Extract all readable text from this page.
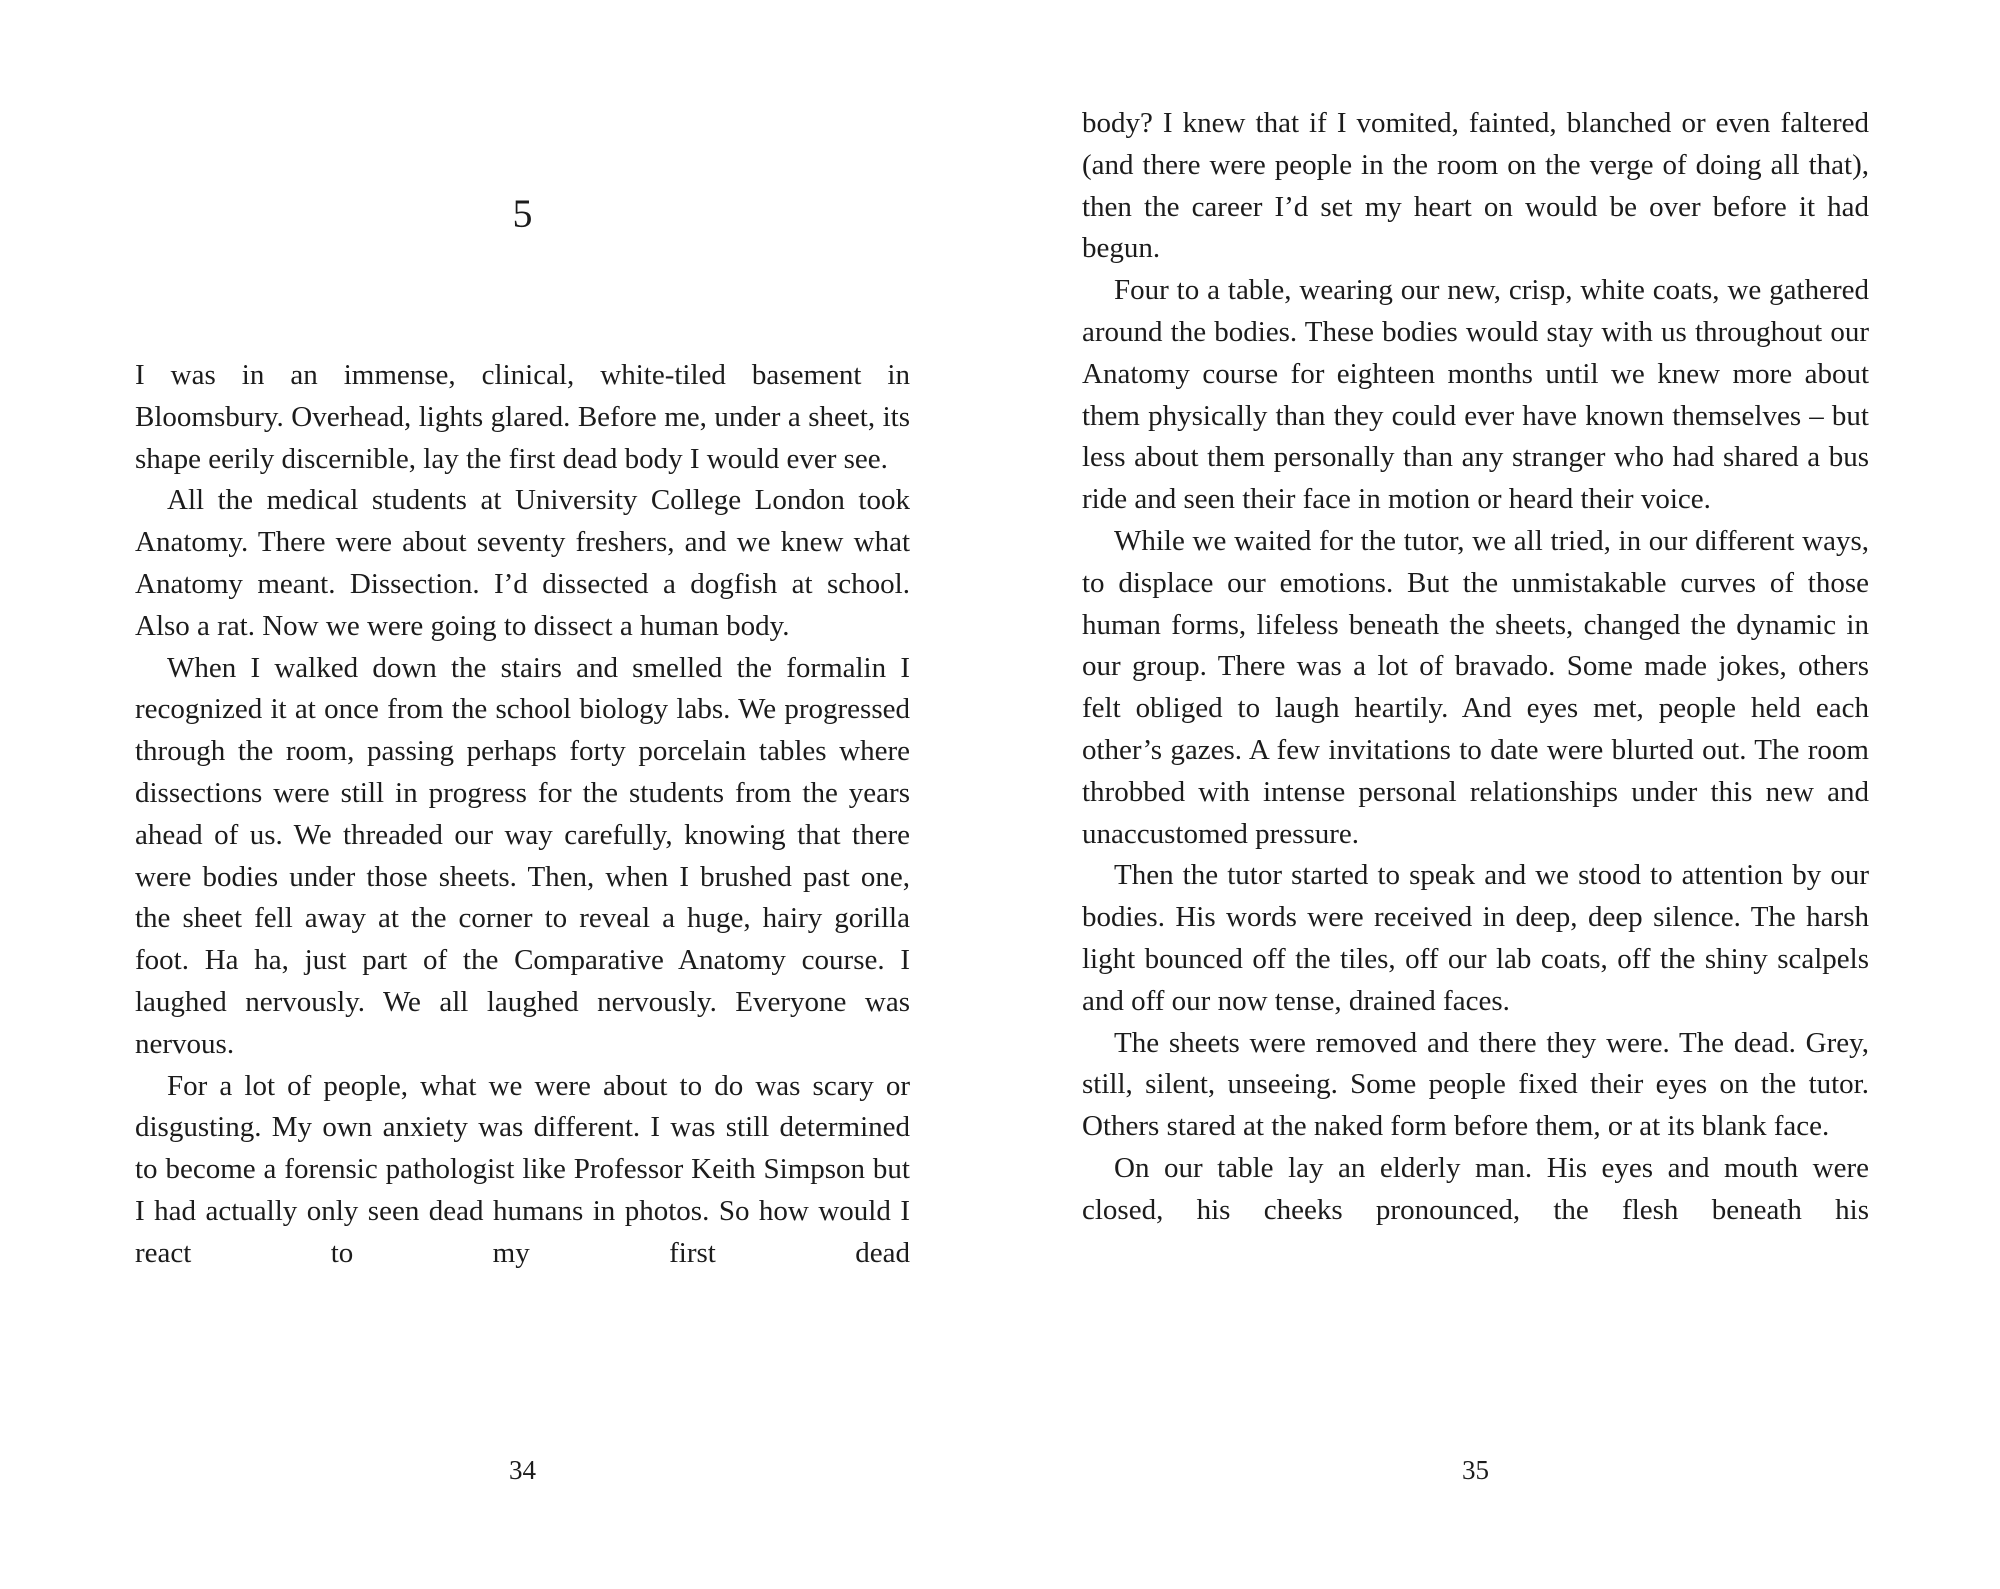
5

I was in an immense, clinical, white-tiled basement in Bloomsbury. Overhead, lights glared. Before me, under a sheet, its shape eerily discernible, lay the first dead body I would ever see.

All the medical students at University College London took Anatomy. There were about seventy freshers, and we knew what Anatomy meant. Dissection. I’d dissected a dogfish at school. Also a rat. Now we were going to dissect a human body.

When I walked down the stairs and smelled the formalin I recognized it at once from the school biology labs. We progressed through the room, passing perhaps forty porcelain tables where dissections were still in progress for the students from the years ahead of us. We threaded our way carefully, knowing that there were bodies under those sheets. Then, when I brushed past one, the sheet fell away at the corner to reveal a huge, hairy gorilla foot. Ha ha, just part of the Comparative Anatomy course. I laughed nervously. We all laughed nervously. Everyone was nervous.

For a lot of people, what we were about to do was scary or disgusting. My own anxiety was different. I was still determined to become a forensic pathologist like Professor Keith Simpson but I had actually only seen dead humans in photos. So how would I react to my first dead

34

body? I knew that if I vomited, fainted, blanched or even faltered (and there were people in the room on the verge of doing all that), then the career I’d set my heart on would be over before it had begun.

Four to a table, wearing our new, crisp, white coats, we gathered around the bodies. These bodies would stay with us throughout our Anatomy course for eighteen months until we knew more about them physically than they could ever have known themselves – but less about them personally than any stranger who had shared a bus ride and seen their face in motion or heard their voice.

While we waited for the tutor, we all tried, in our different ways, to displace our emotions. But the unmistakable curves of those human forms, lifeless beneath the sheets, changed the dynamic in our group. There was a lot of bravado. Some made jokes, others felt obliged to laugh heartily. And eyes met, people held each other’s gazes. A few invitations to date were blurted out. The room throbbed with intense personal relationships under this new and unaccustomed pressure.

Then the tutor started to speak and we stood to attention by our bodies. His words were received in deep, deep silence. The harsh light bounced off the tiles, off our lab coats, off the shiny scalpels and off our now tense, drained faces.

The sheets were removed and there they were. The dead. Grey, still, silent, unseeing. Some people fixed their eyes on the tutor. Others stared at the naked form before them, or at its blank face.

On our table lay an elderly man. His eyes and mouth were closed, his cheeks pronounced, the flesh beneath his

35
